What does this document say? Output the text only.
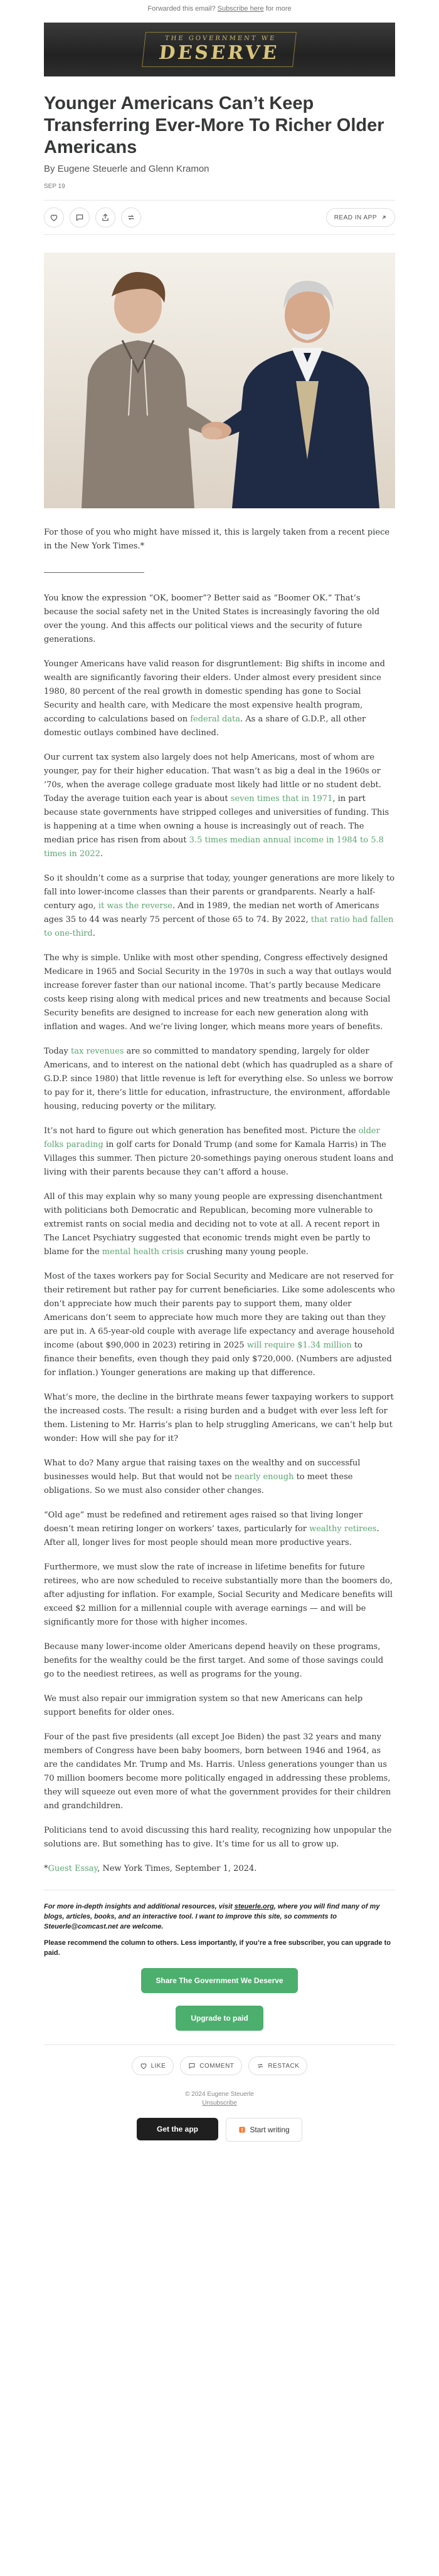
Forwarded this email? Subscribe here for more
THE GOVERNMENT WE
DESERVE
Younger Americans Can’t Keep Transferring Ever-More To Richer Older Americans
By Eugene Steuerle and Glenn Kramon
SEP 19
READ IN APP

For those of you who might have missed it, this is largely taken from a recent piece in the New York Times.*

You know the expression “OK, boomer”? Better said as “Boomer OK.” That’s because the social safety net in the United States is increasingly favoring the old over the young. And this affects our political views and the security of future generations.

Younger Americans have valid reason for disgruntlement: Big shifts in income and wealth are significantly favoring their elders. Under almost every president since 1980, 80 percent of the real growth in domestic spending has gone to Social Security and health care, with Medicare the most expensive health program, according to calculations based on federal data. As a share of G.D.P., all other domestic outlays combined have declined.

Our current tax system also largely does not help Americans, most of whom are younger, pay for their higher education. That wasn’t as big a deal in the 1960s or ’70s, when the average college graduate most likely had little or no student debt. Today the average tuition each year is about seven times that in 1971, in part because state governments have stripped colleges and universities of funding. This is happening at a time when owning a house is increasingly out of reach. The median price has risen from about 3.5 times median annual income in 1984 to 5.8 times in 2022.

So it shouldn’t come as a surprise that today, younger generations are more likely to fall into lower-income classes than their parents or grandparents. Nearly a half-century ago, it was the reverse. And in 1989, the median net worth of Americans ages 35 to 44 was nearly 75 percent of those 65 to 74. By 2022, that ratio had fallen to one-third.

The why is simple. Unlike with most other spending, Congress effectively designed Medicare in 1965 and Social Security in the 1970s in such a way that outlays would increase forever faster than our national income. That’s partly because Medicare costs keep rising along with medical prices and new treatments and because Social Security benefits are designed to increase for each new generation along with inflation and wages. And we’re living longer, which means more years of benefits.

Today tax revenues are so committed to mandatory spending, largely for older Americans, and to interest on the national debt (which has quadrupled as a share of G.D.P. since 1980) that little revenue is left for everything else. So unless we borrow to pay for it, there’s little for education, infrastructure, the environment, affordable housing, reducing poverty or the military.

It’s not hard to figure out which generation has benefited most. Picture the older folks parading in golf carts for Donald Trump (and some for Kamala Harris) in The Villages this summer. Then picture 20-somethings paying onerous student loans and living with their parents because they can’t afford a house.

All of this may explain why so many young people are expressing disenchantment with politicians both Democratic and Republican, becoming more vulnerable to extremist rants on social media and deciding not to vote at all. A recent report in The Lancet Psychiatry suggested that economic trends might even be partly to blame for the mental health crisis crushing many young people.

Most of the taxes workers pay for Social Security and Medicare are not reserved for their retirement but rather pay for current beneficiaries. Like some adolescents who don’t appreciate how much their parents pay to support them, many older Americans don’t seem to appreciate how much more they are taking out than they are put in. A 65-year-old couple with average life expectancy and average household income (about $90,000 in 2023) retiring in 2025 will require $1.34 million to finance their benefits, even though they paid only $720,000. (Numbers are adjusted for inflation.) Younger generations are making up that difference.

What’s more, the decline in the birthrate means fewer taxpaying workers to support the increased costs. The result: a rising burden and a budget with ever less left for them. Listening to Mr. Harris’s plan to help struggling Americans, we can’t help but wonder: How will she pay for it?

What to do? Many argue that raising taxes on the wealthy and on successful businesses would help. But that would not be nearly enough to meet these obligations. So we must also consider other changes.

“Old age” must be redefined and retirement ages raised so that living longer doesn’t mean retiring longer on workers’ taxes, particularly for wealthy retirees. After all, longer lives for most people should mean more productive years.

Furthermore, we must slow the rate of increase in lifetime benefits for future retirees, who are now scheduled to receive substantially more than the boomers do, after adjusting for inflation. For example, Social Security and Medicare benefits will exceed $2 million for a millennial couple with average earnings — and will be significantly more for those with higher incomes.

Because many lower-income older Americans depend heavily on these programs, benefits for the wealthy could be the first target. And some of those savings could go to the neediest retirees, as well as programs for the young.

We must also repair our immigration system so that new Americans can help support benefits for older ones.

Four of the past five presidents (all except Joe Biden) the past 32 years and many members of Congress have been baby boomers, born between 1946 and 1964, as are the candidates Mr. Trump and Ms. Harris. Unless generations younger than us 70 million boomers become more politically engaged in addressing these problems, they will squeeze out even more of what the government provides for their children and grandchildren.

Politicians tend to avoid discussing this hard reality, recognizing how unpopular the solutions are. But something has to give. It’s time for us all to grow up.

*Guest Essay, New York Times, September 1, 2024.

For more in-depth insights and additional resources, visit steuerle.org, where you will find many of my blogs, articles, books, and an interactive tool. I want to improve this site, so comments to Steuerle@comcast.net are welcome.

Please recommend the column to others. Less importantly, if you’re a free subscriber, you can upgrade to paid.

Share The Government We Deserve
Upgrade to paid
LIKE	COMMENT	RESTACK
© 2024 Eugene Steuerle
Unsubscribe
Get the app	Start writing
